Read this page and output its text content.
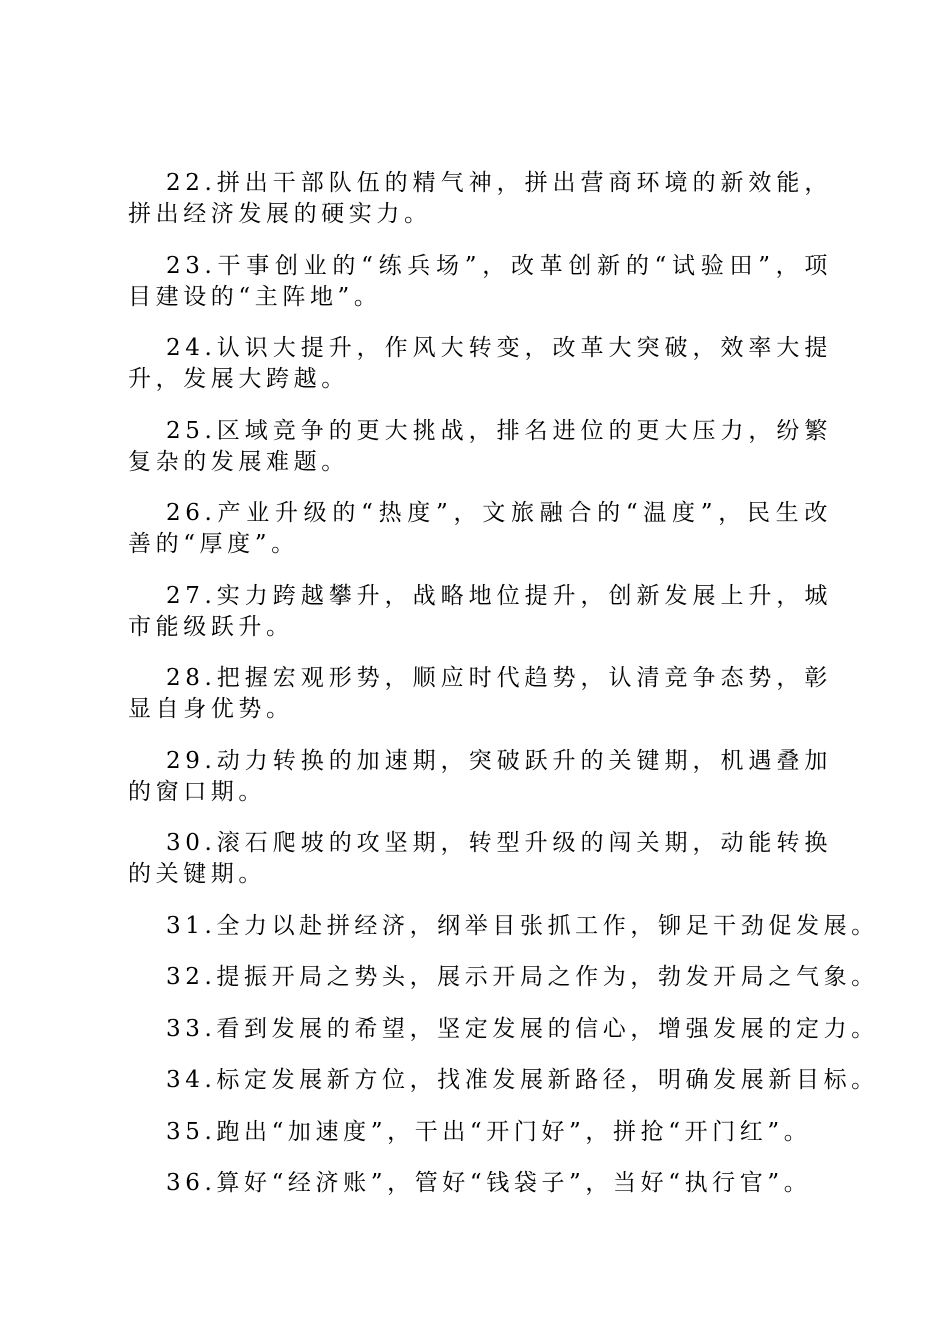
22.拼出干部队伍的精气神，拼出营商环境的新效能，拼出经济发展的硬实力。

23.干事创业的“练兵场”，改革创新的“试验田”，项目建设的“主阵地”。

24.认识大提升，作风大转变，改革大突破，效率大提升，发展大跨越。

25.区域竞争的更大挑战，排名进位的更大压力，纷繁复杂的发展难题。

26.产业升级的“热度”，文旅融合的“温度”，民生改善的“厚度”。

27.实力跨越攀升，战略地位提升，创新发展上升，城市能级跃升。

28.把握宏观形势，顺应时代趋势，认清竞争态势，彰显自身优势。

29.动力转换的加速期，突破跃升的关键期，机遇叠加的窗口期。

30.滚石爬坡的攻坚期，转型升级的闯关期，动能转换的关键期。

31.全力以赴拼经济，纲举目张抓工作，铆足干劲促发展。

32.提振开局之势头，展示开局之作为，勃发开局之气象。

33.看到发展的希望，坚定发展的信心，增强发展的定力。

34.标定发展新方位，找准发展新路径，明确发展新目标。

35.跑出“加速度”，干出“开门好”，拼抢“开门红”。

36.算好“经济账”，管好“钱袋子”，当好“执行官”。
